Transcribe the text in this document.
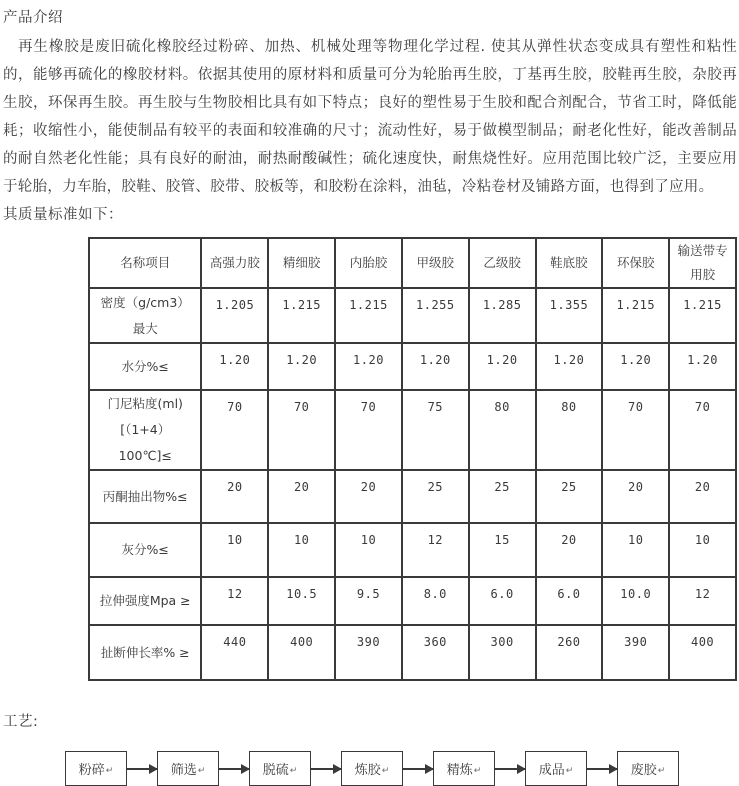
产品介绍

再生橡胶是废旧硫化橡胶经过粉碎、加热、机械处理等物理化学过程. 使其从弹性状态变成具有塑性和粘性的，能够再硫化的橡胶材料。依据其使用的原材料和质量可分为轮胎再生胶，丁基再生胶，胶鞋再生胶，杂胶再生胶，环保再生胶。再生胶与生物胶相比具有如下特点；良好的塑性易于生胶和配合剂配合，节省工时，降低能耗；收缩性小，能使制品有较平的表面和较准确的尺寸；流动性好，易于做模型制品；耐老化性好，能改善制品的耐自然老化性能；具有良好的耐油，耐热耐酸碱性；硫化速度快，耐焦烧性好。应用范围比较广泛，主要应用于轮胎，力车胎，胶鞋、胶管、胶带、胶板等，和胶粉在涂料，油毡，冷粘卷材及铺路方面，也得到了应用。

其质量标准如下：
名称项目	高强力胶	精细胶	内胎胶	甲级胶	乙级胶	鞋底胶	环保胶	输送带专用胶
密度（g/cm3）最大	1.205	1.215	1.215	1.255	1.285	1.355	1.215	1.215
水分%≤	1.20	1.20	1.20	1.20	1.20	1.20	1.20	1.20
门尼粘度(ml)[（1+4）100℃]≤	70	70	70	75	80	80	70	70
丙酮抽出物%≤	20	20	20	25	25	25	20	20
灰分%≤	10	10	10	12	15	20	10	10
拉伸强度Mpa ≥	12	10.5	9.5	8.0	6.0	6.0	10.0	12
扯断伸长率% ≥	440	400	390	360	300	260	390	400
工艺:
粉碎 ↵	筛选 ↵	脱硫 ↵	炼胶 ↵	精炼 ↵	成品 ↵	废胶 ↵
